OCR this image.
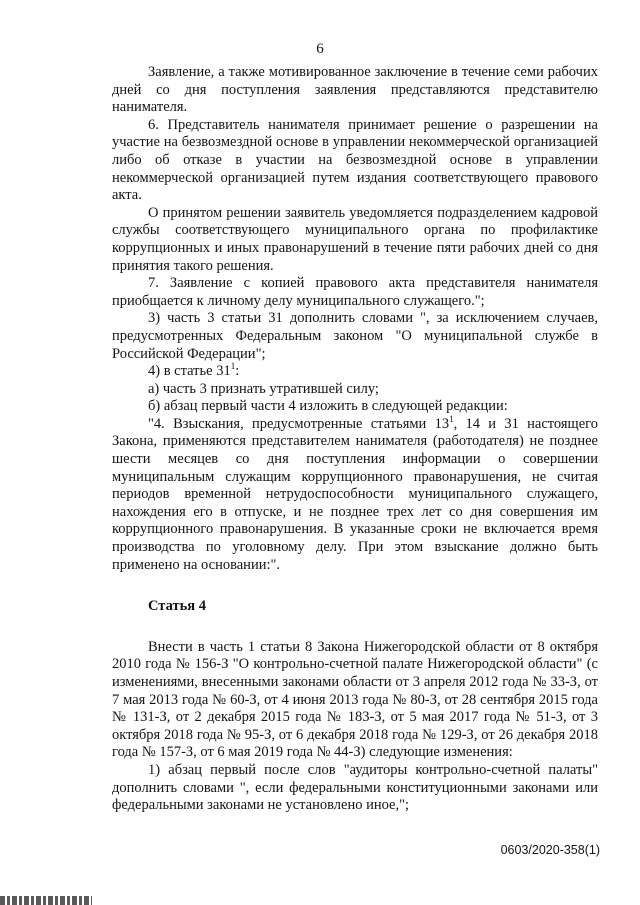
6

Заявление, а также мотивированное заключение в течение семи рабочих дней со дня поступления заявления представляются представителю нанимателя.

6. Представитель нанимателя принимает решение о разрешении на участие на безвозмездной основе в управлении некоммерческой организацией либо об отказе в участии на безвозмездной основе в управлении некоммерческой организацией путем издания соответствующего правового акта.

О принятом решении заявитель уведомляется подразделением кадровой службы соответствующего муниципального органа по профилактике коррупционных и иных правонарушений в течение пяти рабочих дней со дня принятия такого решения.

7. Заявление с копией правового акта представителя нанимателя приобщается к личному делу муниципального служащего.";

3) часть 3 статьи 31 дополнить словами ", за исключением случаев, предусмотренных Федеральным законом "О муниципальной службе в Российской Федерации";

4) в статье $31^1$:

а) часть 3 признать утратившей силу;

б) абзац первый части 4 изложить в следующей редакции:

"4. Взыскания, предусмотренные статьями $13^1$, 14 и 31 настоящего Закона, применяются представителем нанимателя (работодателя) не позднее шести месяцев со дня поступления информации о совершении муниципальным служащим коррупционного правонарушения, не считая периодов временной нетрудоспособности муниципального служащего, нахождения его в отпуске, и не позднее трех лет со дня совершения им коррупционного правонарушения. В указанные сроки не включается время производства по уголовному делу. При этом взыскание должно быть применено на основании:".

Статья 4

Внести в часть 1 статьи 8 Закона Нижегородской области от 8 октября 2010 года № 156-З "О контрольно-счетной палате Нижегородской области" (с изменениями, внесенными законами области от 3 апреля 2012 года № 33-З, от 7 мая 2013 года № 60-З, от 4 июня 2013 года № 80-З, от 28 сентября 2015 года № 131-З, от 2 декабря 2015 года № 183-З, от 5 мая 2017 года № 51-З, от 3 октября 2018 года № 95-З, от 6 декабря 2018 года № 129-З, от 26 декабря 2018 года № 157-З, от 6 мая 2019 года № 44-З) следующие изменения:

1) абзац первый после слов "аудиторы контрольно-счетной палаты" дополнить словами ", если федеральными конституционными законами или федеральными законами не установлено иное,";

0603/2020-358(1)
